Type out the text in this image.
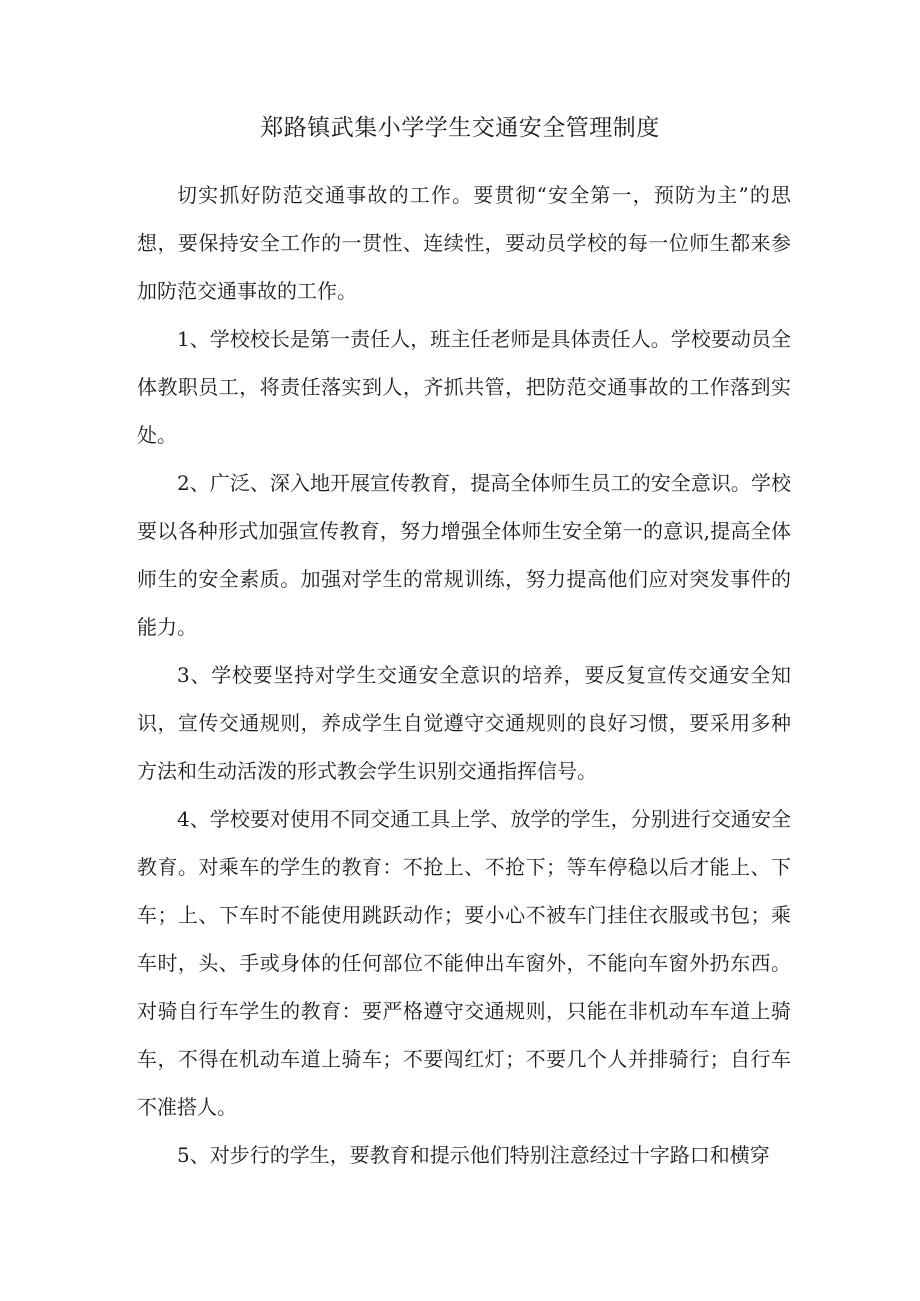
郑路镇武集小学学生交通安全管理制度

切实抓好防范交通事故的工作。要贯彻“安全第一，预防为主”的思想，要保持安全工作的一贯性、连续性，要动员学校的每一位师生都来参加防范交通事故的工作。

1、学校校长是第一责任人，班主任老师是具体责任人。学校要动员全体教职员工，将责任落实到人，齐抓共管，把防范交通事故的工作落到实处。

2、广泛、深入地开展宣传教育，提高全体师生员工的安全意识。学校要以各种形式加强宣传教育，努力增强全体师生安全第一的意识,提高全体师生的安全素质。加强对学生的常规训练，努力提高他们应对突发事件的能力。

3、学校要坚持对学生交通安全意识的培养，要反复宣传交通安全知识，宣传交通规则，养成学生自觉遵守交通规则的良好习惯，要采用多种方法和生动活泼的形式教会学生识别交通指挥信号。

4、学校要对使用不同交通工具上学、放学的学生，分别进行交通安全教育。对乘车的学生的教育：不抢上、不抢下；等车停稳以后才能上、下车；上、下车时不能使用跳跃动作；要小心不被车门挂住衣服或书包；乘车时，头、手或身体的任何部位不能伸出车窗外，不能向车窗外扔东西。对骑自行车学生的教育：要严格遵守交通规则，只能在非机动车车道上骑车，不得在机动车道上骑车；不要闯红灯；不要几个人并排骑行；自行车不准搭人。

5、对步行的学生，要教育和提示他们特别注意经过十字路口和横穿
